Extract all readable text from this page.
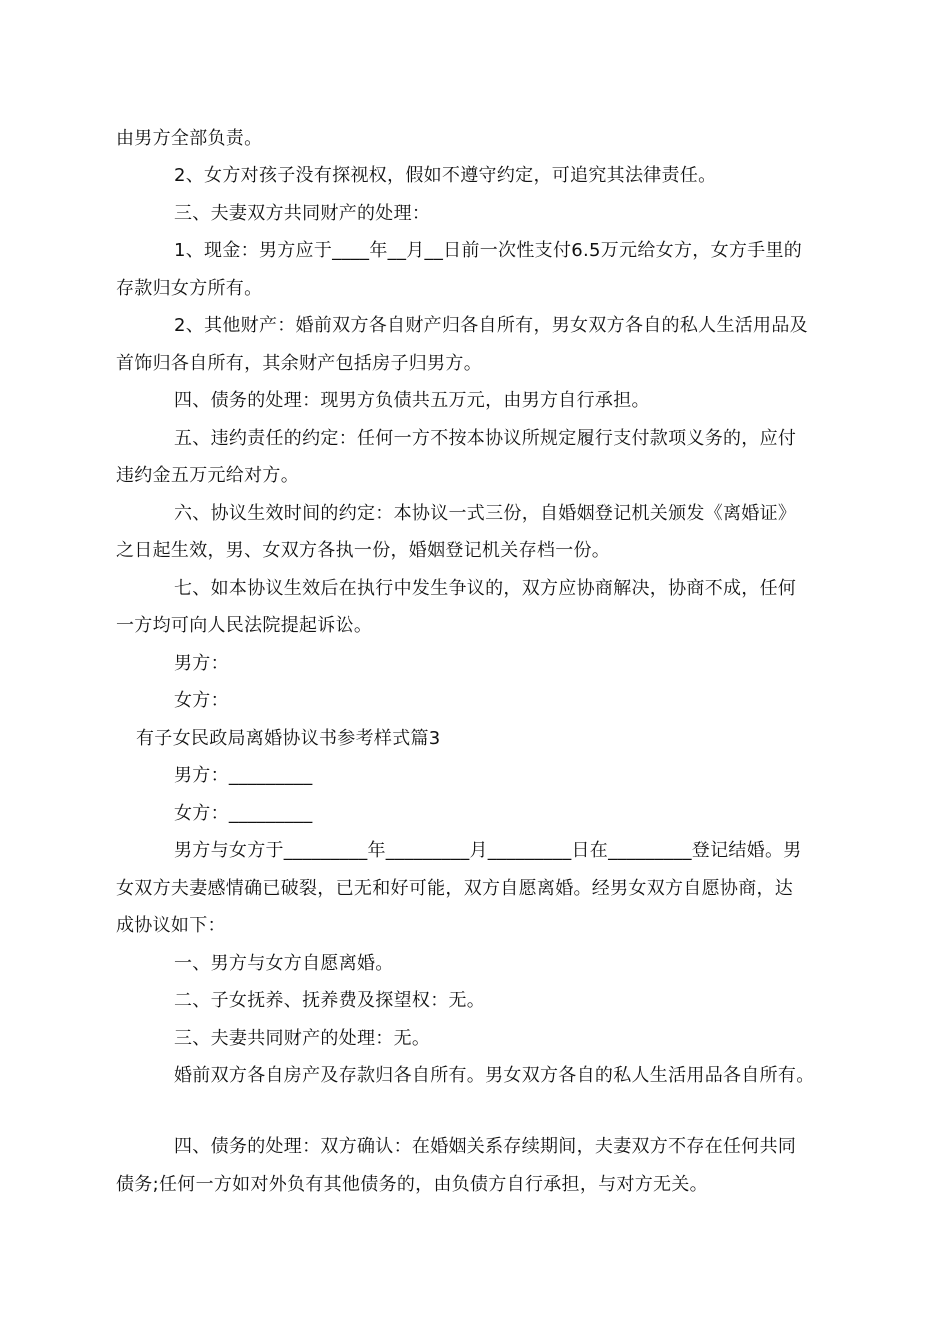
由男方全部负责。
2、女方对孩子没有探视权，假如不遵守约定，可追究其法律责任。
三、夫妻双方共同财产的处理：
1、现金：男方应于____年__月__日前一次性支付6.5万元给女方，女方手里的
存款归女方所有。
2、其他财产：婚前双方各自财产归各自所有，男女双方各自的私人生活用品及
首饰归各自所有，其余财产包括房子归男方。
四、债务的处理：现男方负债共五万元，由男方自行承担。
五、违约责任的约定：任何一方不按本协议所规定履行支付款项义务的，应付
违约金五万元给对方。
六、协议生效时间的约定：本协议一式三份，自婚姻登记机关颁发《离婚证》
之日起生效，男、女双方各执一份，婚姻登记机关存档一份。
七、如本协议生效后在执行中发生争议的，双方应协商解决，协商不成，任何
一方均可向人民法院提起诉讼。
男方：
女方：
有子女民政局离婚协议书参考样式篇3
男方：_________
女方：_________
男方与女方于_________年_________月_________日在_________登记结婚。男
女双方夫妻感情确已破裂，已无和好可能，双方自愿离婚。经男女双方自愿协商，达
成协议如下：
一、男方与女方自愿离婚。
二、子女抚养、抚养费及探望权：无。
三、夫妻共同财产的处理：无。
婚前双方各自房产及存款归各自所有。男女双方各自的私人生活用品各自所有。
四、债务的处理：双方确认：在婚姻关系存续期间，夫妻双方不存在任何共同
债务;任何一方如对外负有其他债务的，由负债方自行承担，与对方无关。
